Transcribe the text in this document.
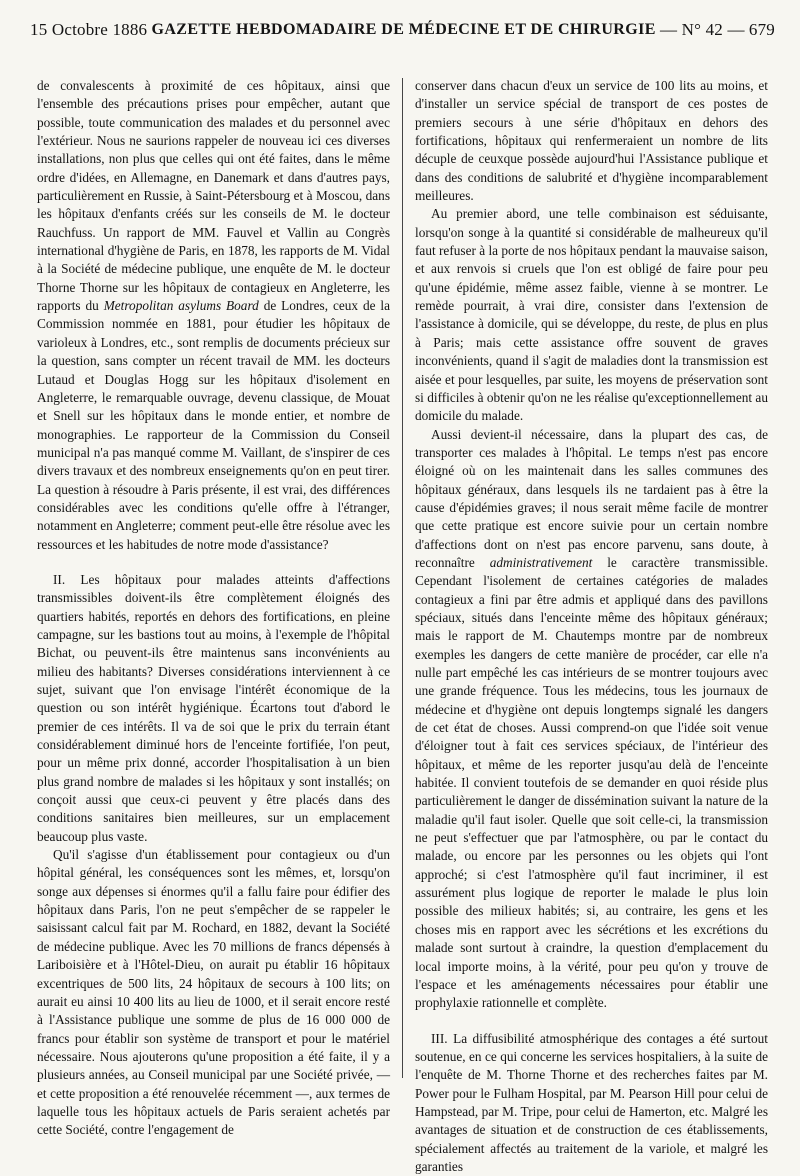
15 Octobre 1886 GAZETTE HEBDOMADAIRE DE MÉDECINE ET DE CHIRURGIE — N° 42 — 679

de convalescents à proximité de ces hôpitaux, ainsi que l'ensemble des précautions prises pour empêcher, autant que possible, toute communication des malades et du personnel avec l'extérieur. Nous ne saurions rappeler de nouveau ici ces diverses installations, non plus que celles qui ont été faites, dans le même ordre d'idées, en Allemagne, en Danemark et dans d'autres pays, particulièrement en Russie, à Saint-Pétersbourg et à Moscou, dans les hôpitaux d'enfants créés sur les conseils de M. le docteur Rauchfuss. Un rapport de MM. Fauvel et Vallin au Congrès international d'hygiène de Paris, en 1878, les rapports de M. Vidal à la Société de médecine publique, une enquête de M. le docteur Thorne Thorne sur les hôpitaux de contagieux en Angleterre, les rapports du Metropolitan asylums Board de Londres, ceux de la Commission nommée en 1881, pour étudier les hôpitaux de varioleux à Londres, etc., sont remplis de documents précieux sur la question, sans compter un récent travail de MM. les docteurs Lutaud et Douglas Hogg sur les hôpitaux d'isolement en Angleterre, le remarquable ouvrage, devenu classique, de Mouat et Snell sur les hôpitaux dans le monde entier, et nombre de monographies. Le rapporteur de la Commission du Conseil municipal n'a pas manqué comme M. Vaillant, de s'inspirer de ces divers travaux et des nombreux enseignements qu'on en peut tirer. La question à résoudre à Paris présente, il est vrai, des différences considérables avec les conditions qu'elle offre à l'étranger, notamment en Angleterre; comment peut-elle être résolue avec les ressources et les habitudes de notre mode d'assistance?

II. Les hôpitaux pour malades atteints d'affections transmissibles doivent-ils être complètement éloignés des quartiers habités, reportés en dehors des fortifications, en pleine campagne, sur les bastions tout au moins, à l'exemple de l'hôpital Bichat, ou peuvent-ils être maintenus sans inconvénients au milieu des habitants? Diverses considérations interviennent à ce sujet, suivant que l'on envisage l'intérêt économique de la question ou son intérêt hygiénique. Écartons tout d'abord le premier de ces intérêts. Il va de soi que le prix du terrain étant considérablement diminué hors de l'enceinte fortifiée, l'on peut, pour un même prix donné, accorder l'hospitalisation à un bien plus grand nombre de malades si les hôpitaux y sont installés; on conçoit aussi que ceux-ci peuvent y être placés dans des conditions sanitaires bien meilleures, sur un emplacement beaucoup plus vaste.

Qu'il s'agisse d'un établissement pour contagieux ou d'un hôpital général, les conséquences sont les mêmes, et, lorsqu'on songe aux dépenses si énormes qu'il a fallu faire pour édifier des hôpitaux dans Paris, l'on ne peut s'empêcher de se rappeler le saisissant calcul fait par M. Rochard, en 1882, devant la Société de médecine publique. Avec les 70 millions de francs dépensés à Lariboisière et à l'Hôtel-Dieu, on aurait pu établir 16 hôpitaux excentriques de 500 lits, 24 hôpitaux de secours à 100 lits; on aurait eu ainsi 10 400 lits au lieu de 1000, et il serait encore resté à l'Assistance publique une somme de plus de 16 000 000 de francs pour établir son système de transport et pour le matériel nécessaire. Nous ajouterons qu'une proposition a été faite, il y a plusieurs années, au Conseil municipal par une Société privée, — et cette proposition a été renouvelée récemment —, aux termes de laquelle tous les hôpitaux actuels de Paris seraient achetés par cette Société, contre l'engagement de

conserver dans chacun d'eux un service de 100 lits au moins, et d'installer un service spécial de transport de ces postes de premiers secours à une série d'hôpitaux en dehors des fortifications, hôpitaux qui renfermeraient un nombre de lits décuple de ceuxque possède aujourd'hui l'Assistance publique et dans des conditions de salubrité et d'hygiène incomparablement meilleures.

Au premier abord, une telle combinaison est séduisante, lorsqu'on songe à la quantité si considérable de malheureux qu'il faut refuser à la porte de nos hôpitaux pendant la mauvaise saison, et aux renvois si cruels que l'on est obligé de faire pour peu qu'une épidémie, même assez faible, vienne à se montrer. Le remède pourrait, à vrai dire, consister dans l'extension de l'assistance à domicile, qui se développe, du reste, de plus en plus à Paris; mais cette assistance offre souvent de graves inconvénients, quand il s'agit de maladies dont la transmission est aisée et pour lesquelles, par suite, les moyens de préservation sont si difficiles à obtenir qu'on ne les réalise qu'exceptionnellement au domicile du malade.

Aussi devient-il nécessaire, dans la plupart des cas, de transporter ces malades à l'hôpital. Le temps n'est pas encore éloigné où on les maintenait dans les salles communes des hôpitaux généraux, dans lesquels ils ne tardaient pas à être la cause d'épidémies graves; il nous serait même facile de montrer que cette pratique est encore suivie pour un certain nombre d'affections dont on n'est pas encore parvenu, sans doute, à reconnaître administrativement le caractère transmissible. Cependant l'isolement de certaines catégories de malades contagieux a fini par être admis et appliqué dans des pavillons spéciaux, situés dans l'enceinte même des hôpitaux généraux; mais le rapport de M. Chautemps montre par de nombreux exemples les dangers de cette manière de procéder, car elle n'a nulle part empêché les cas intérieurs de se montrer toujours avec une grande fréquence. Tous les médecins, tous les journaux de médecine et d'hygiène ont depuis longtemps signalé les dangers de cet état de choses. Aussi comprend-on que l'idée soit venue d'éloigner tout à fait ces services spéciaux, de l'intérieur des hôpitaux, et même de les reporter jusqu'au delà de l'enceinte habitée. Il convient toutefois de se demander en quoi réside plus particulièrement le danger de dissémination suivant la nature de la maladie qu'il faut isoler. Quelle que soit celle-ci, la transmission ne peut s'effectuer que par l'atmosphère, ou par le contact du malade, ou encore par les personnes ou les objets qui l'ont approché; si c'est l'atmosphère qu'il faut incriminer, il est assurément plus logique de reporter le malade le plus loin possible des milieux habités; si, au contraire, les gens et les choses mis en rapport avec les sécrétions et les excrétions du malade sont surtout à craindre, la question d'emplacement du local importe moins, à la vérité, pour peu qu'on y trouve de l'espace et les aménagements nécessaires pour établir une prophylaxie rationnelle et complète.

III. La diffusibilité atmosphérique des contages a été surtout soutenue, en ce qui concerne les services hospitaliers, à la suite de l'enquête de M. Thorne Thorne et des recherches faites par M. Power pour le Fulham Hospital, par M. Pearson Hill pour celui de Hampstead, par M. Tripe, pour celui de Hamerton, etc. Malgré les avantages de situation et de construction de ces établissements, spécialement affectés au traitement de la variole, et malgré les garanties
